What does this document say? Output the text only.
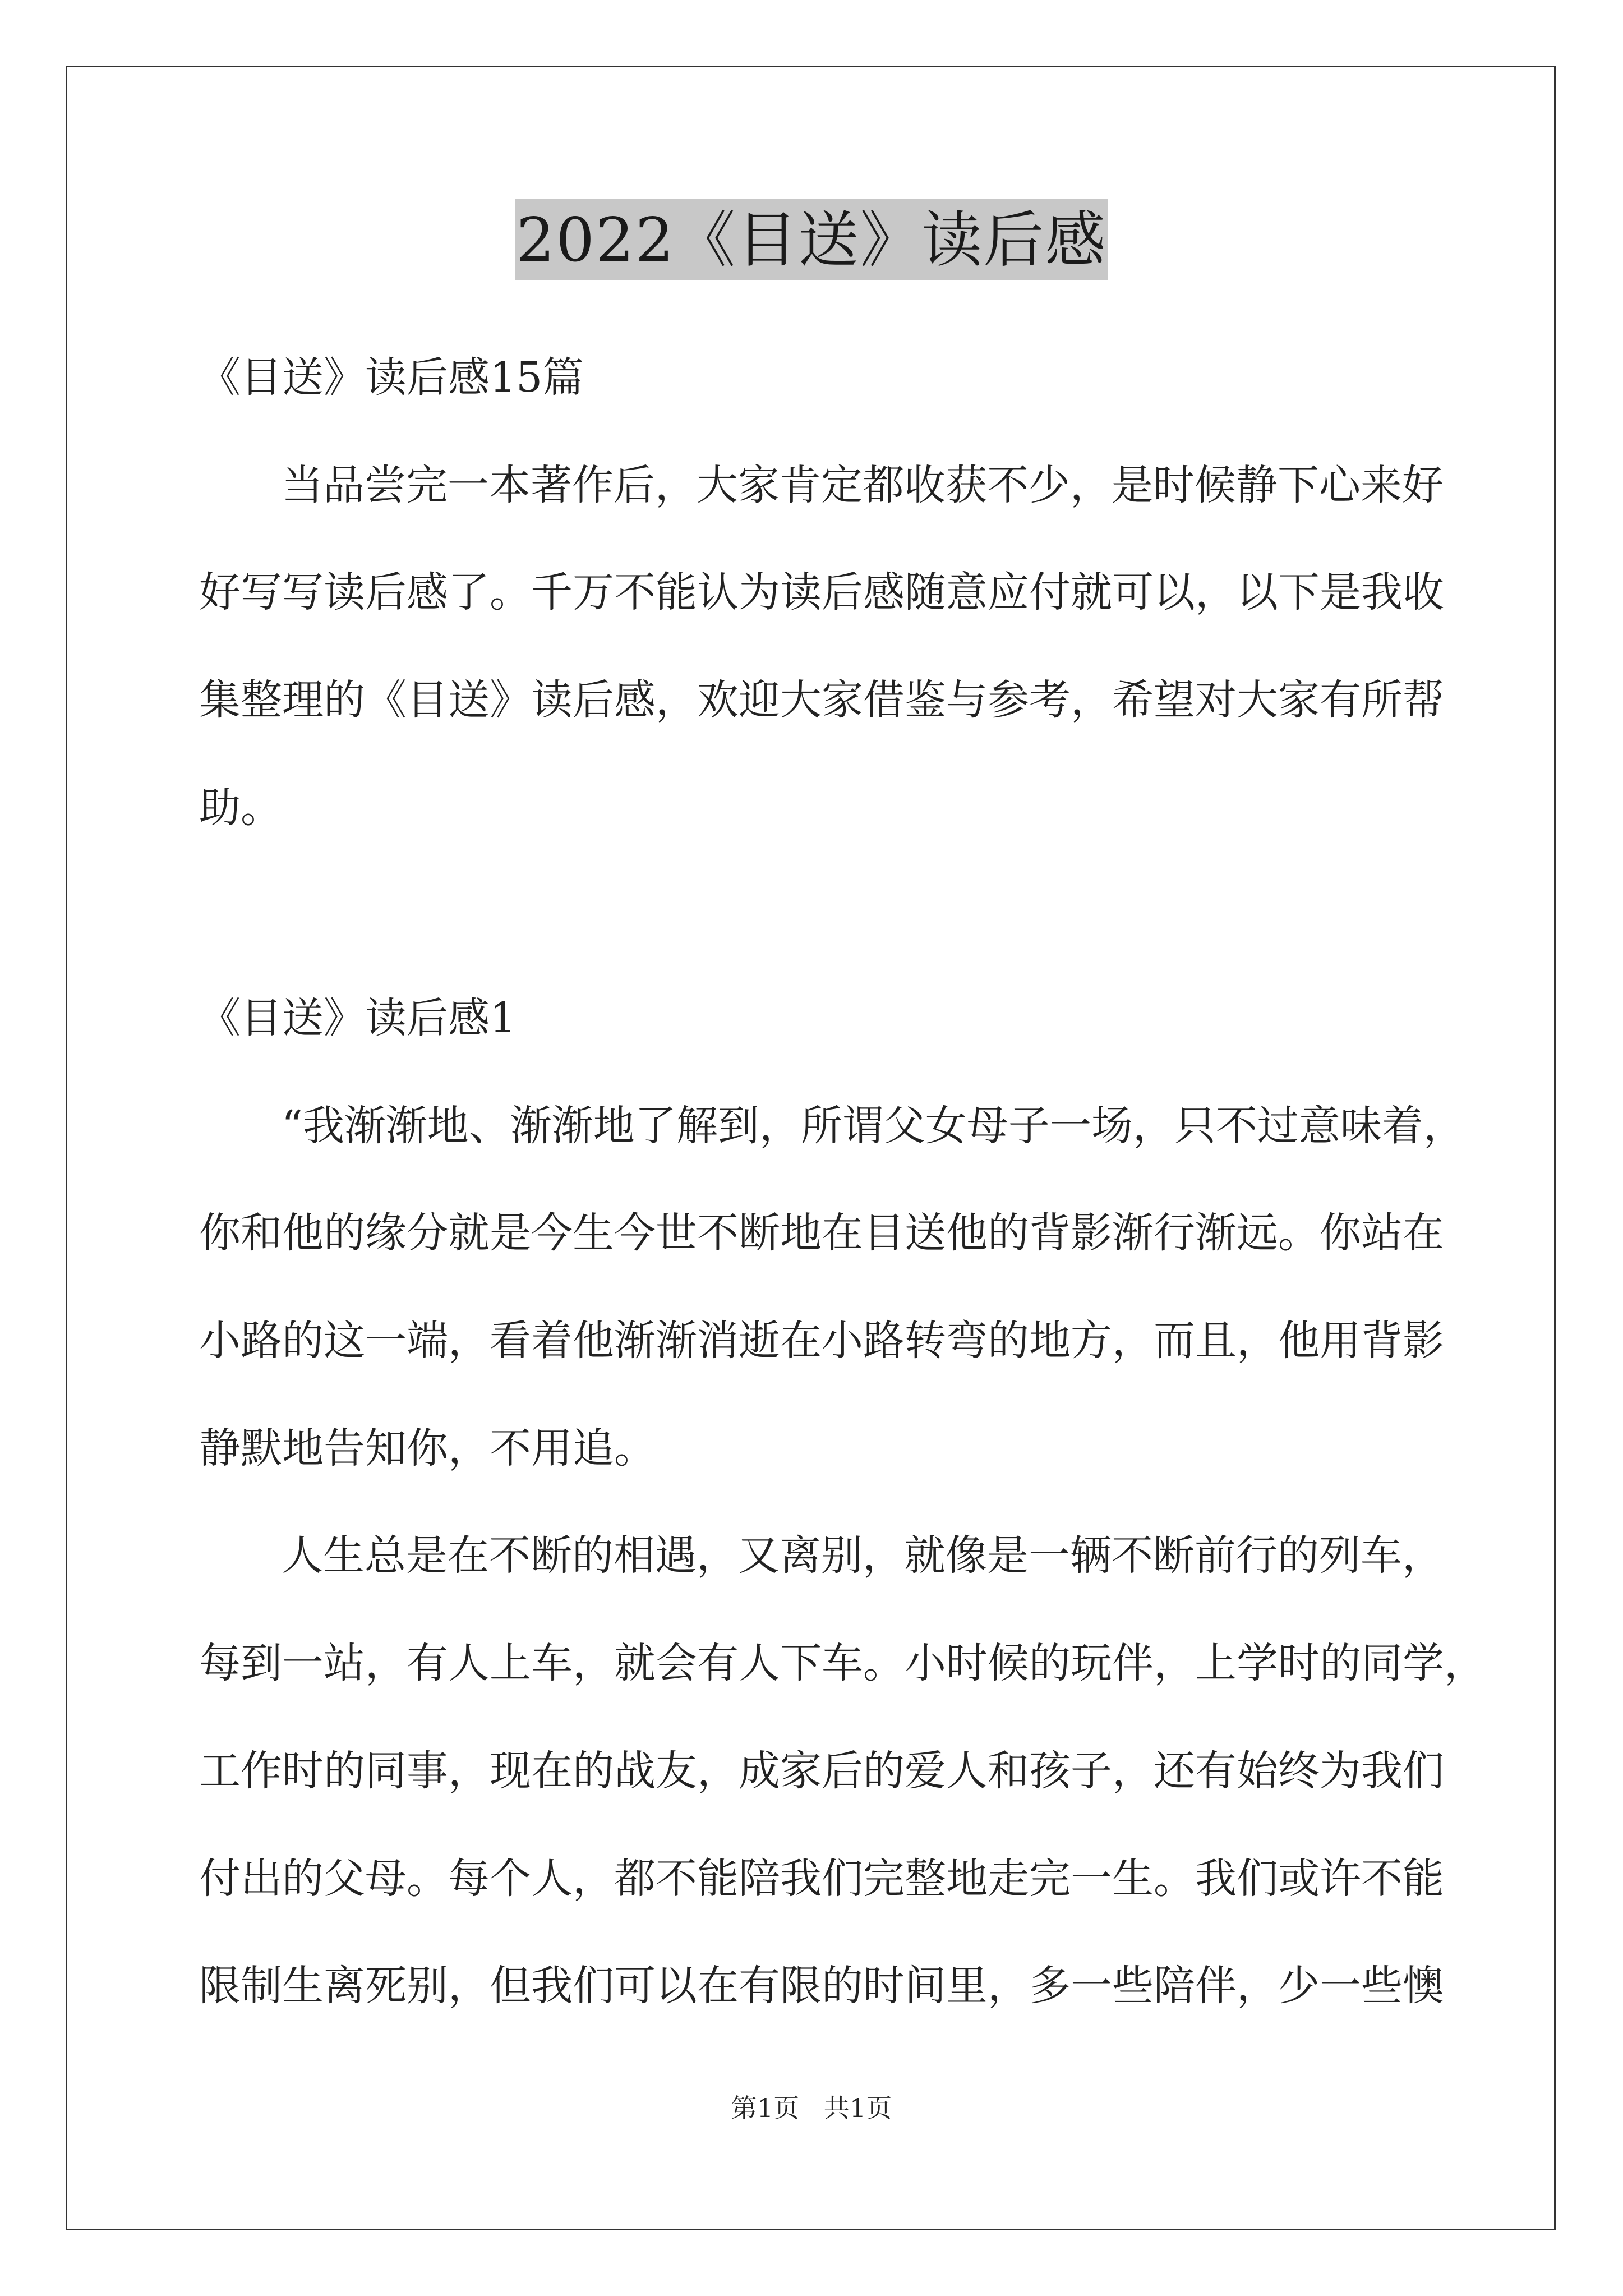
2022《目送》读后感
《目送》读后感15篇
当品尝完一本著作后，大家肯定都收获不少，是时候静下心来好
好写写读后感了。千万不能认为读后感随意应付就可以，以下是我收
集整理的《目送》读后感，欢迎大家借鉴与参考，希望对大家有所帮
助。
《目送》读后感1
“我渐渐地、渐渐地了解到，所谓父女母子一场，只不过意味着，
你和他的缘分就是今生今世不断地在目送他的背影渐行渐远。你站在
小路的这一端，看着他渐渐消逝在小路转弯的地方，而且，他用背影
静默地告知你，不用追。
人生总是在不断的相遇，又离别，就像是一辆不断前行的列车，
每到一站，有人上车，就会有人下车。小时候的玩伴，上学时的同学，
工作时的同事，现在的战友，成家后的爱人和孩子，还有始终为我们
付出的父母。每个人，都不能陪我们完整地走完一生。我们或许不能
限制生离死别，但我们可以在有限的时间里，多一些陪伴，少一些懊
第1页   共1页
